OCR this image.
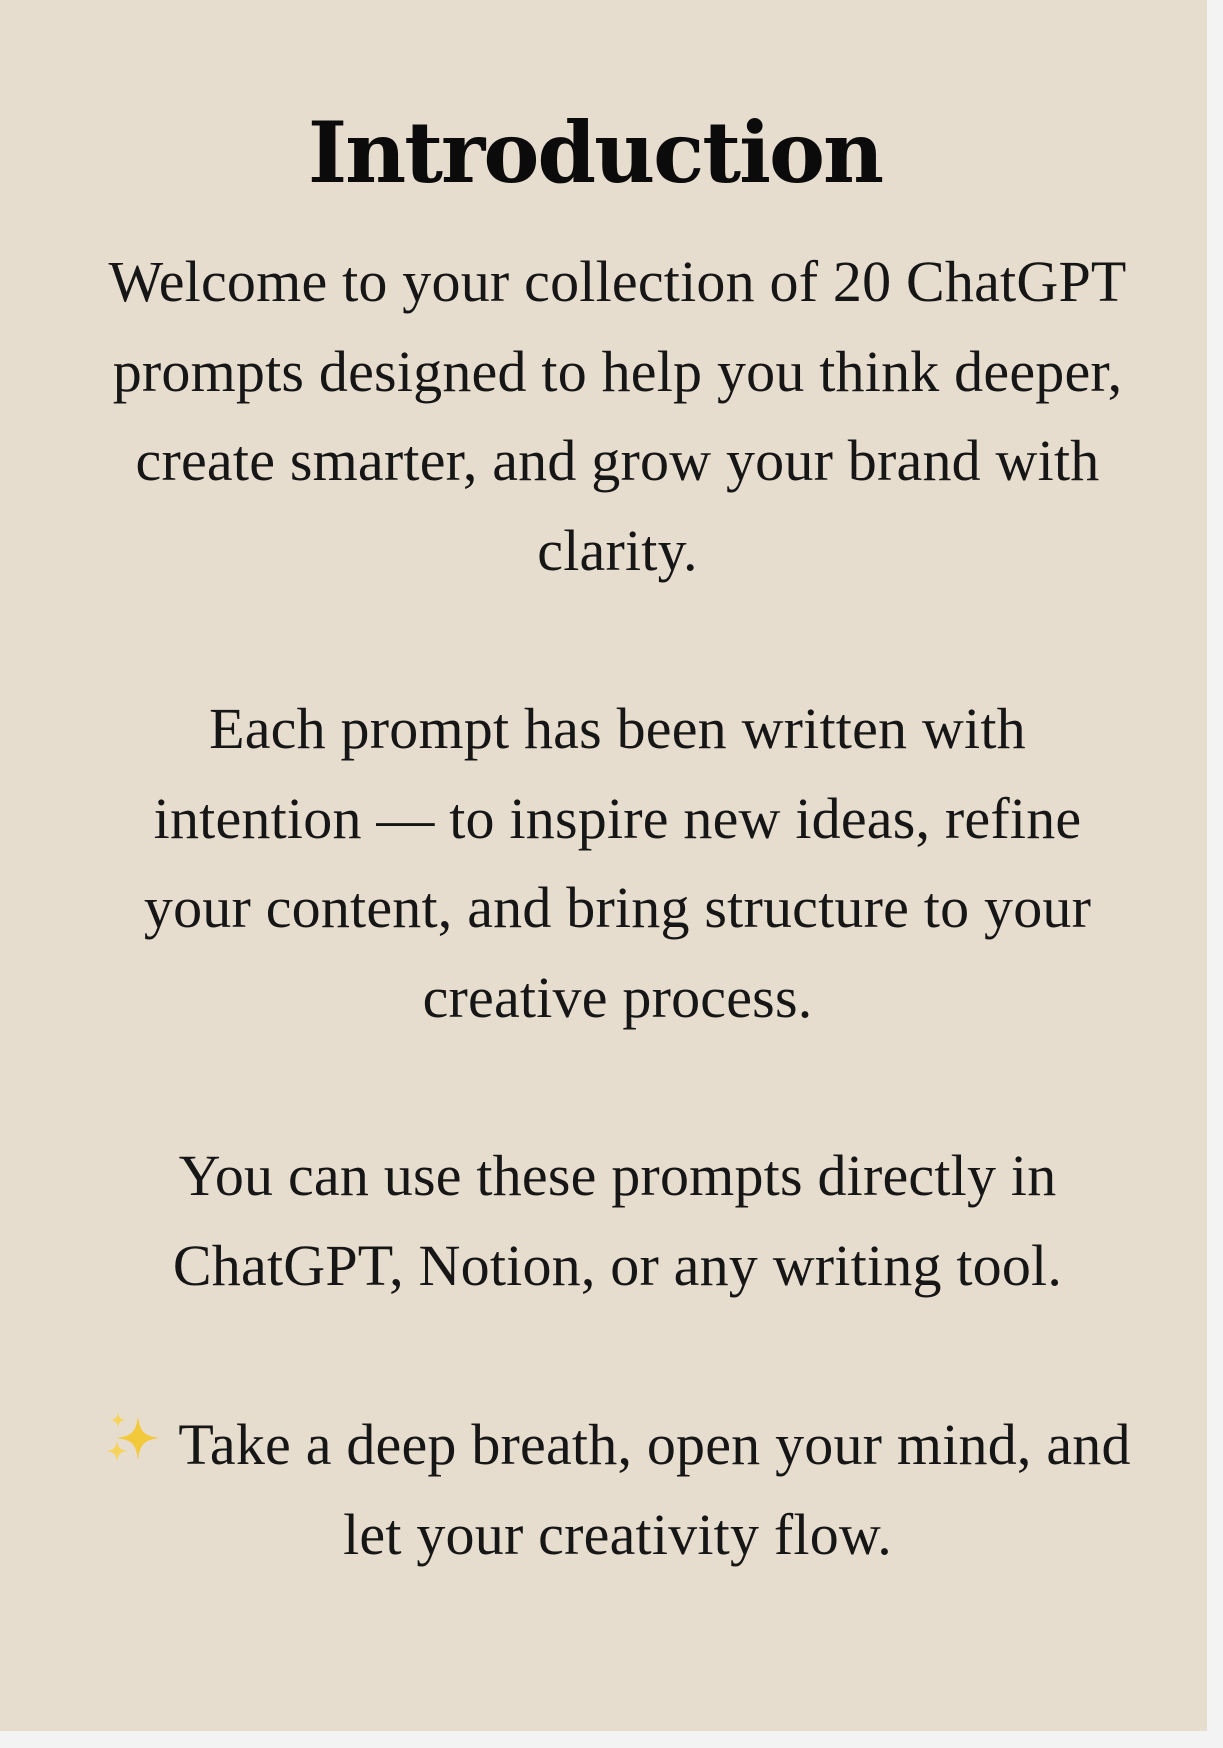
Introduction

Welcome to your collection of 20 ChatGPT prompts designed to help you think deeper, create smarter, and grow your brand with clarity.

Each prompt has been written with intention — to inspire new ideas, refine your content, and bring structure to your creative process.

You can use these prompts directly in ChatGPT, Notion, or any writing tool.

Take a deep breath, open your mind, and let your creativity flow.
